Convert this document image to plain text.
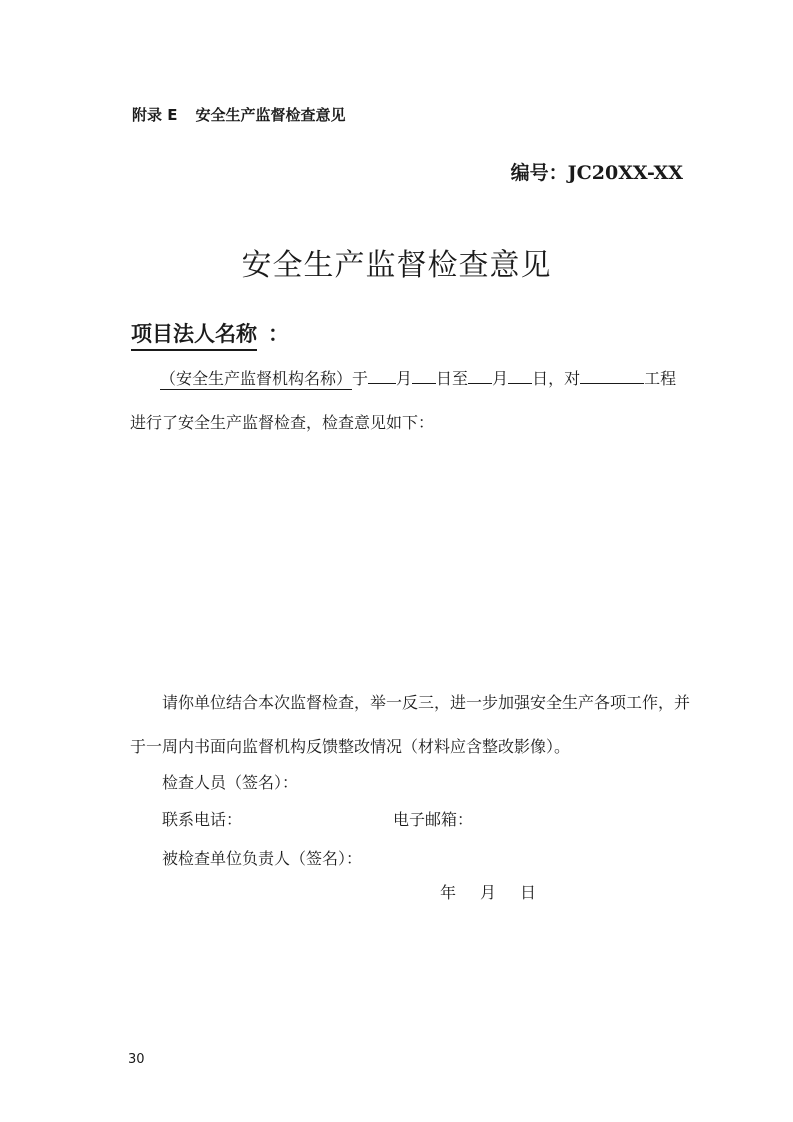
附录 E 安全生产监督检查意见
编号：JC20XX-XX
安全生产监督检查意见
项目法人名称 ：
（安全生产监督机构名称）于 月 日至 月 日，对	工程
进行了安全生产监督检查，检查意见如下：
请你单位结合本次监督检查，举一反三，进一步加强安全生产各项工作，并
于一周内书面向监督机构反馈整改情况（材料应含整改影像）。
检查人员（签名）：
联系电话：	电子邮箱：
被检查单位负责人（签名）：
年 月 日
30
